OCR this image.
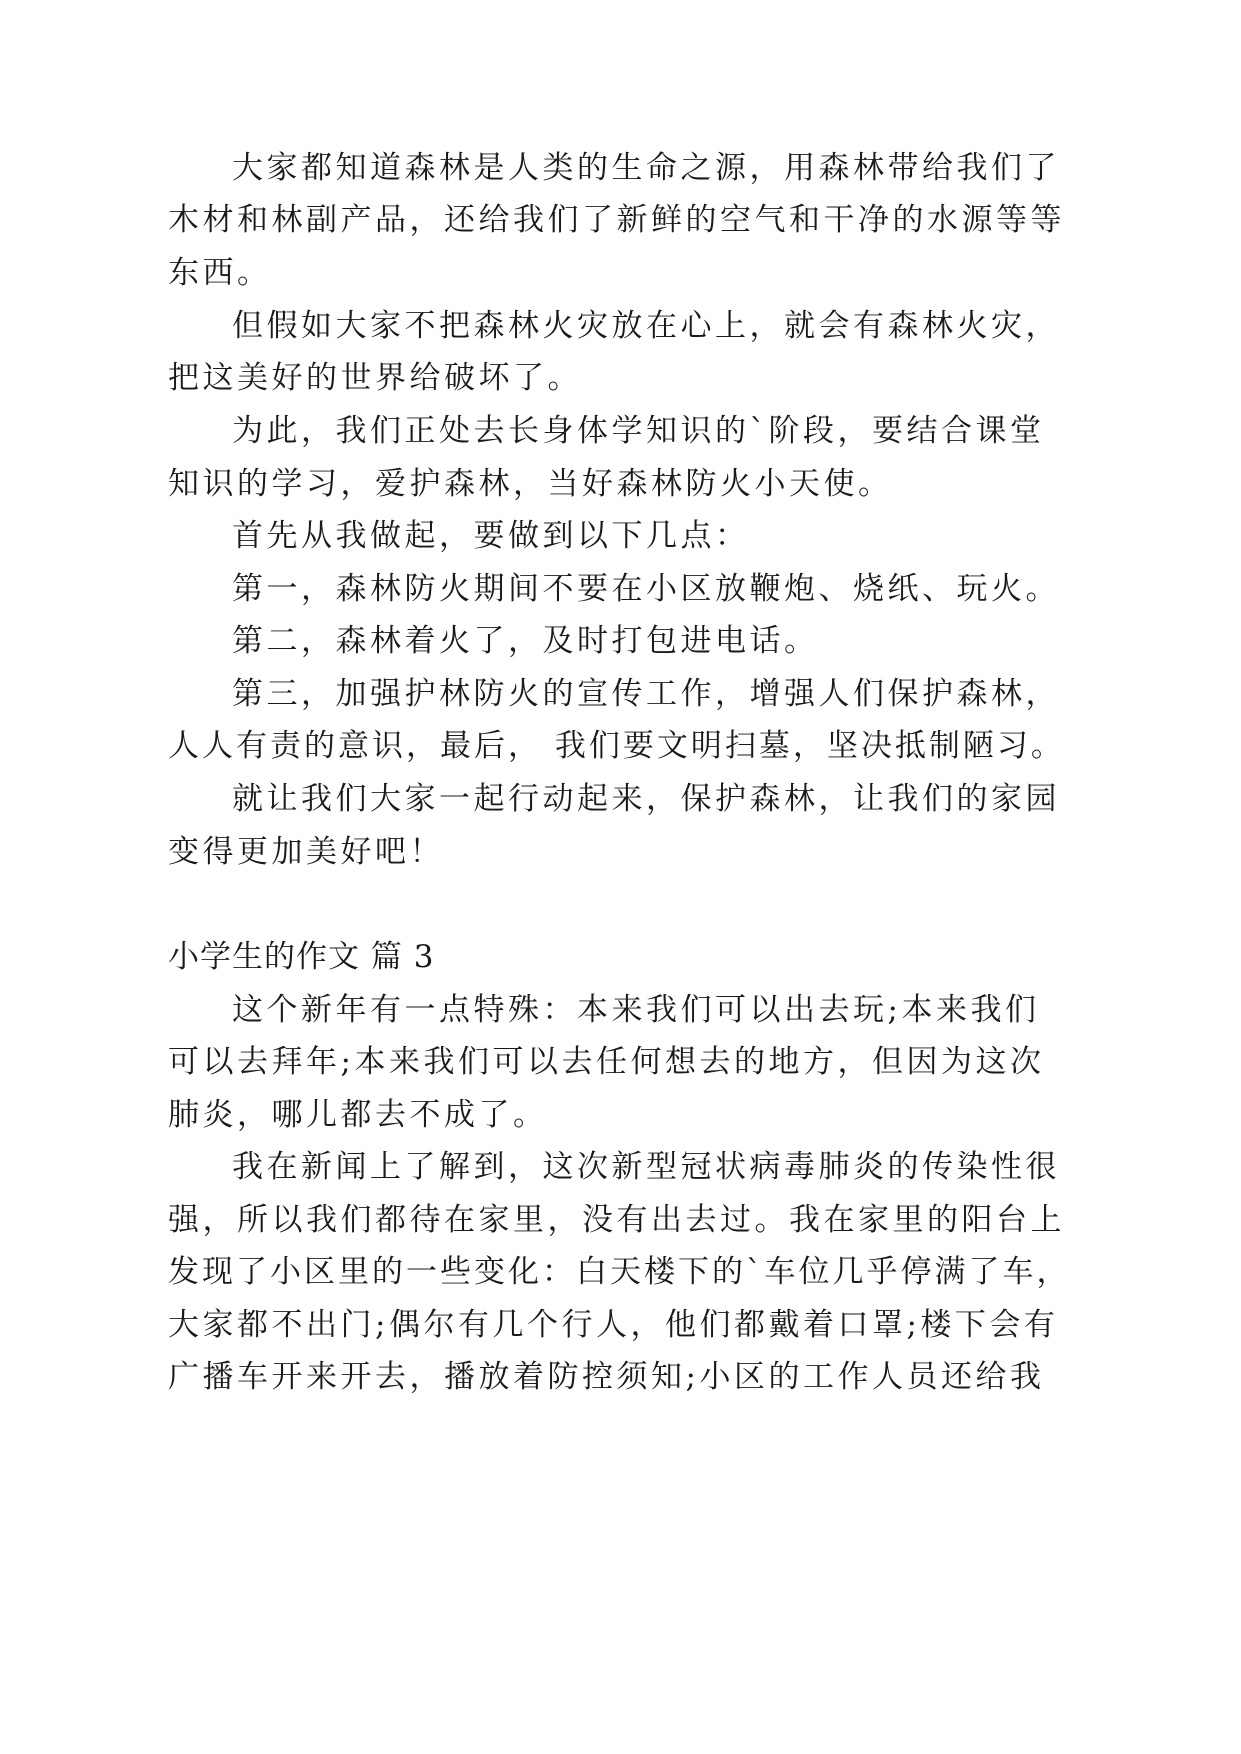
大家都知道森林是人类的生命之源，用森林带给我们了
木材和林副产品，还给我们了新鲜的空气和干净的水源等等
东西。
但假如大家不把森林火灾放在心上，就会有森林火灾，
把这美好的世界给破坏了。
为此，我们正处去长身体学知识的`阶段，要结合课堂
知识的学习，爱护森林，当好森林防火小天使。
首先从我做起，要做到以下几点：
第一，森林防火期间不要在小区放鞭炮、烧纸、玩火。
第二，森林着火了，及时打包进电话。
第三，加强护林防火的宣传工作，增强人们保护森林，
人人有责的意识，最后， 我们要文明扫墓，坚决抵制陋习。
就让我们大家一起行动起来，保护森林，让我们的家园
变得更加美好吧！
小学生的作文 篇 3
这个新年有一点特殊：本来我们可以出去玩;本来我们
可以去拜年;本来我们可以去任何想去的地方，但因为这次
肺炎，哪儿都去不成了。
我在新闻上了解到，这次新型冠状病毒肺炎的传染性很
强，所以我们都待在家里，没有出去过。我在家里的阳台上
发现了小区里的一些变化：白天楼下的`车位几乎停满了车，
大家都不出门;偶尔有几个行人，他们都戴着口罩;楼下会有
广播车开来开去，播放着防控须知;小区的工作人员还给我
